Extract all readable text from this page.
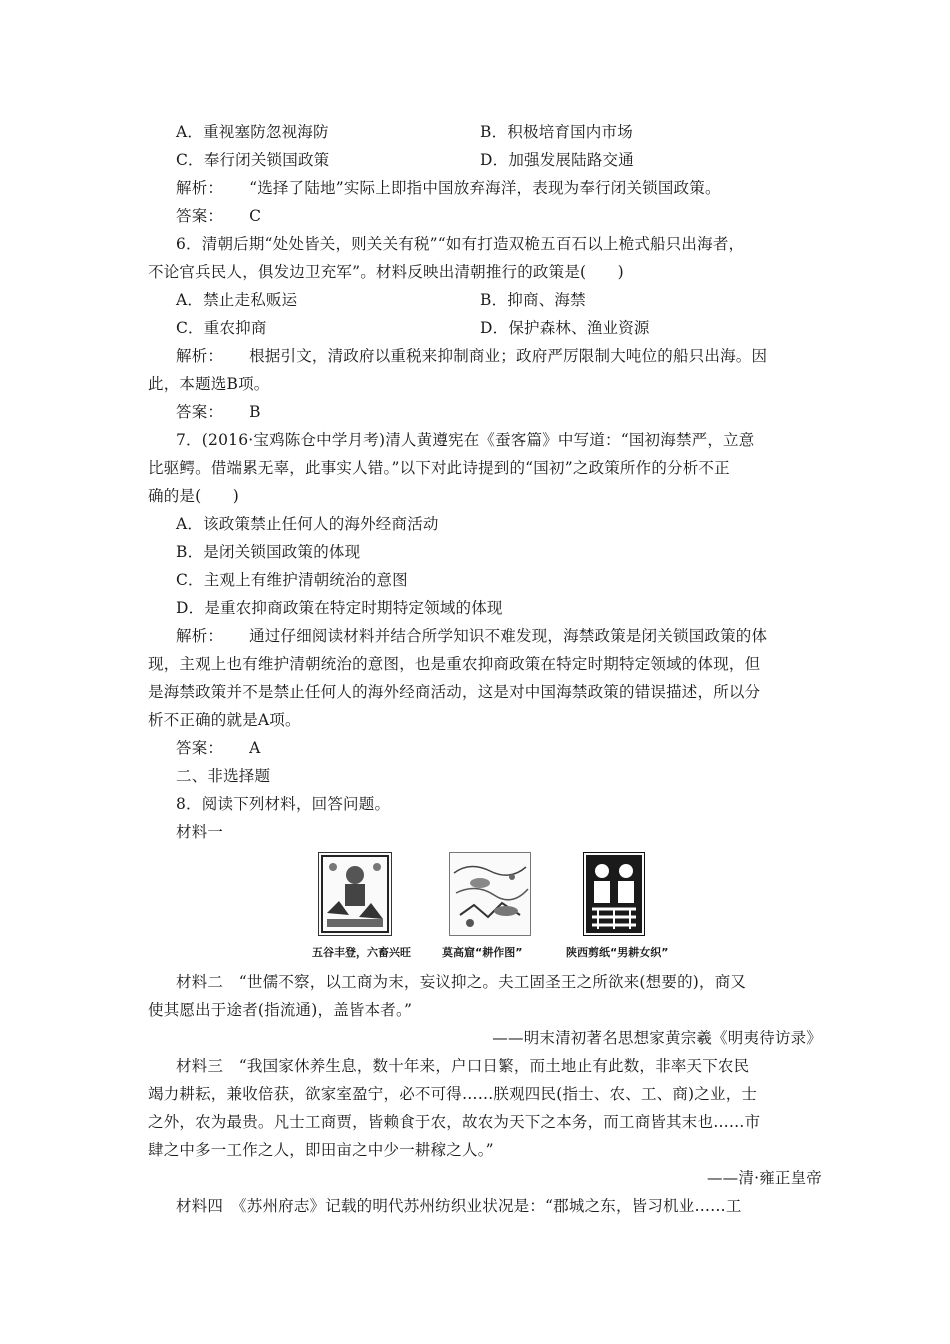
A．重视塞防忽视海防	B．积极培育国内市场
C．奉行闭关锁国政策	D．加强发展陆路交通
解析： “选择了陆地”实际上即指中国放弃海洋，表现为奉行闭关锁国政策。
答案： C
6．清朝后期“处处皆关，则关关有税”“如有打造双桅五百石以上桅式船只出海者，
不论官兵民人，俱发边卫充军”。材料反映出清朝推行的政策是(　　)
A．禁止走私贩运	B．抑商、海禁
C．重农抑商	D．保护森林、渔业资源
解析： 根据引文，清政府以重税来抑制商业；政府严厉限制大吨位的船只出海。因
此，本题选B项。
答案： B
7．(2016·宝鸡陈仓中学月考)清人黄遵宪在《蚕客篇》中写道：“国初海禁严，立意
比驱鳄。借端累无辜，此事实人错。”以下对此诗提到的“国初”之政策所作的分析不正
确的是(　　)
A．该政策禁止任何人的海外经商活动
B．是闭关锁国政策的体现
C．主观上有维护清朝统治的意图
D．是重农抑商政策在特定时期特定领域的体现
解析： 通过仔细阅读材料并结合所学知识不难发现，海禁政策是闭关锁国政策的体
现，主观上也有维护清朝统治的意图，也是重农抑商政策在特定时期特定领域的体现，但
是海禁政策并不是禁止任何人的海外经商活动，这是对中国海禁政策的错误描述，所以分
析不正确的就是A项。
答案： A
二、非选择题
8．阅读下列材料，回答问题。
材料一
五谷丰登，六畜兴旺	莫高窟“耕作图”	陕西剪纸“男耕女织”
材料二　“世儒不察，以工商为末，妄议抑之。夫工固圣王之所欲来(想要的)，商又
使其愿出于途者(指流通)，盖皆本者。”
——明末清初著名思想家黄宗羲《明夷待访录》
材料三　“我国家休养生息，数十年来，户口日繁，而土地止有此数，非率天下农民
竭力耕耘，兼收倍获，欲家室盈宁，必不可得……朕观四民(指士、农、工、商)之业，士
之外，农为最贵。凡士工商贾，皆赖食于农，故农为天下之本务，而工商皆其末也……市
肆之中多一工作之人，即田亩之中少一耕稼之人。”
——清·雍正皇帝
材料四　《苏州府志》记载的明代苏州纺织业状况是：“郡城之东，皆习机业……工
